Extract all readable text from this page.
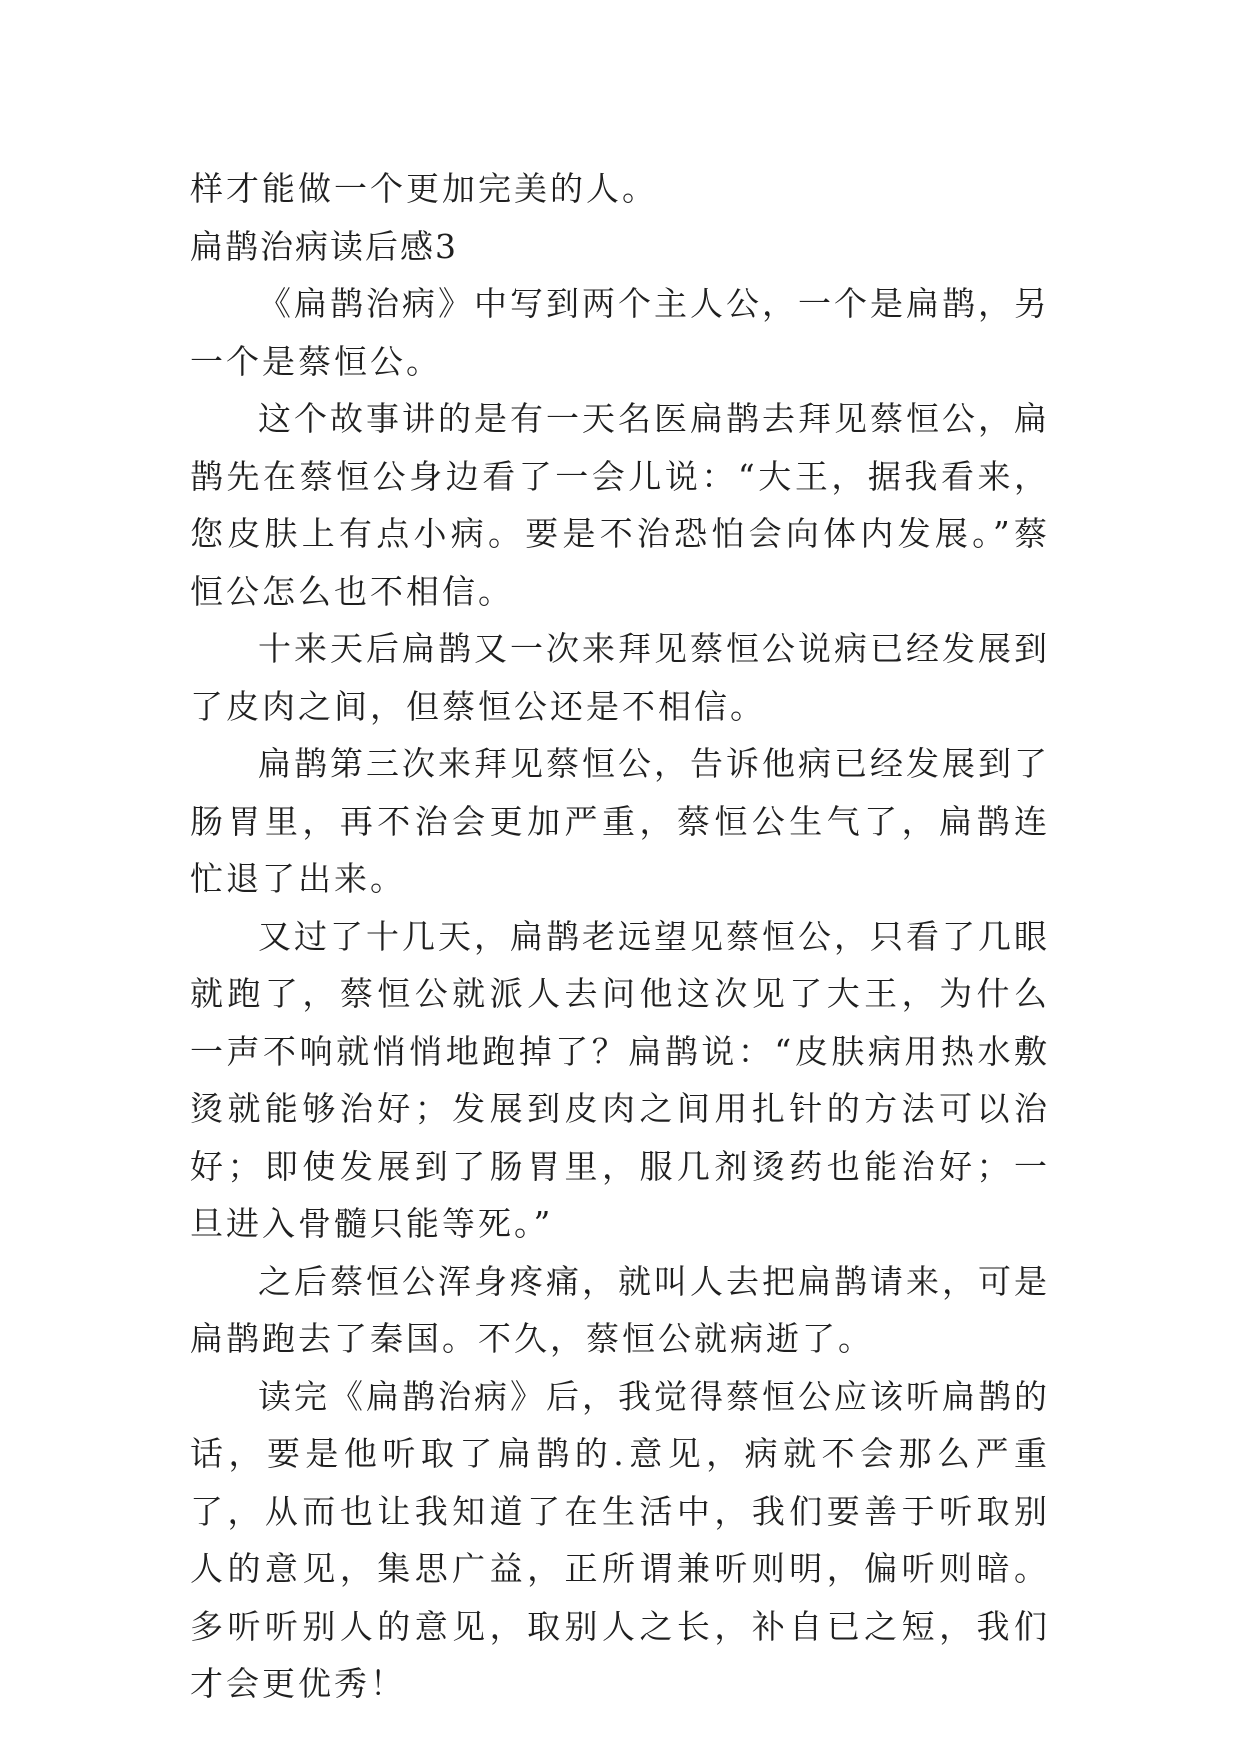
样才能做一个更加完美的人。

扁鹊治病读后感3

《扁鹊治病》中写到两个主人公，一个是扁鹊，另一个是蔡恒公。

这个故事讲的是有一天名医扁鹊去拜见蔡恒公，扁鹊先在蔡恒公身边看了一会儿说：“大王，据我看来，您皮肤上有点小病。要是不治恐怕会向体内发展。”蔡恒公怎么也不相信。

十来天后扁鹊又一次来拜见蔡恒公说病已经发展到了皮肉之间，但蔡恒公还是不相信。

扁鹊第三次来拜见蔡恒公，告诉他病已经发展到了肠胃里，再不治会更加严重，蔡恒公生气了，扁鹊连忙退了出来。

又过了十几天，扁鹊老远望见蔡恒公，只看了几眼就跑了，蔡恒公就派人去问他这次见了大王，为什么一声不响就悄悄地跑掉了？扁鹊说：“皮肤病用热水敷烫就能够治好；发展到皮肉之间用扎针的方法可以治好；即使发展到了肠胃里，服几剂烫药也能治好；一旦进入骨髓只能等死。”

之后蔡恒公浑身疼痛，就叫人去把扁鹊请来，可是扁鹊跑去了秦国。不久，蔡恒公就病逝了。

读完《扁鹊治病》后，我觉得蔡恒公应该听扁鹊的话，要是他听取了扁鹊的.意见，病就不会那么严重了，从而也让我知道了在生活中，我们要善于听取别人的意见，集思广益，正所谓兼听则明，偏听则暗。多听听别人的意见，取别人之长，补自已之短，我们才会更优秀！
